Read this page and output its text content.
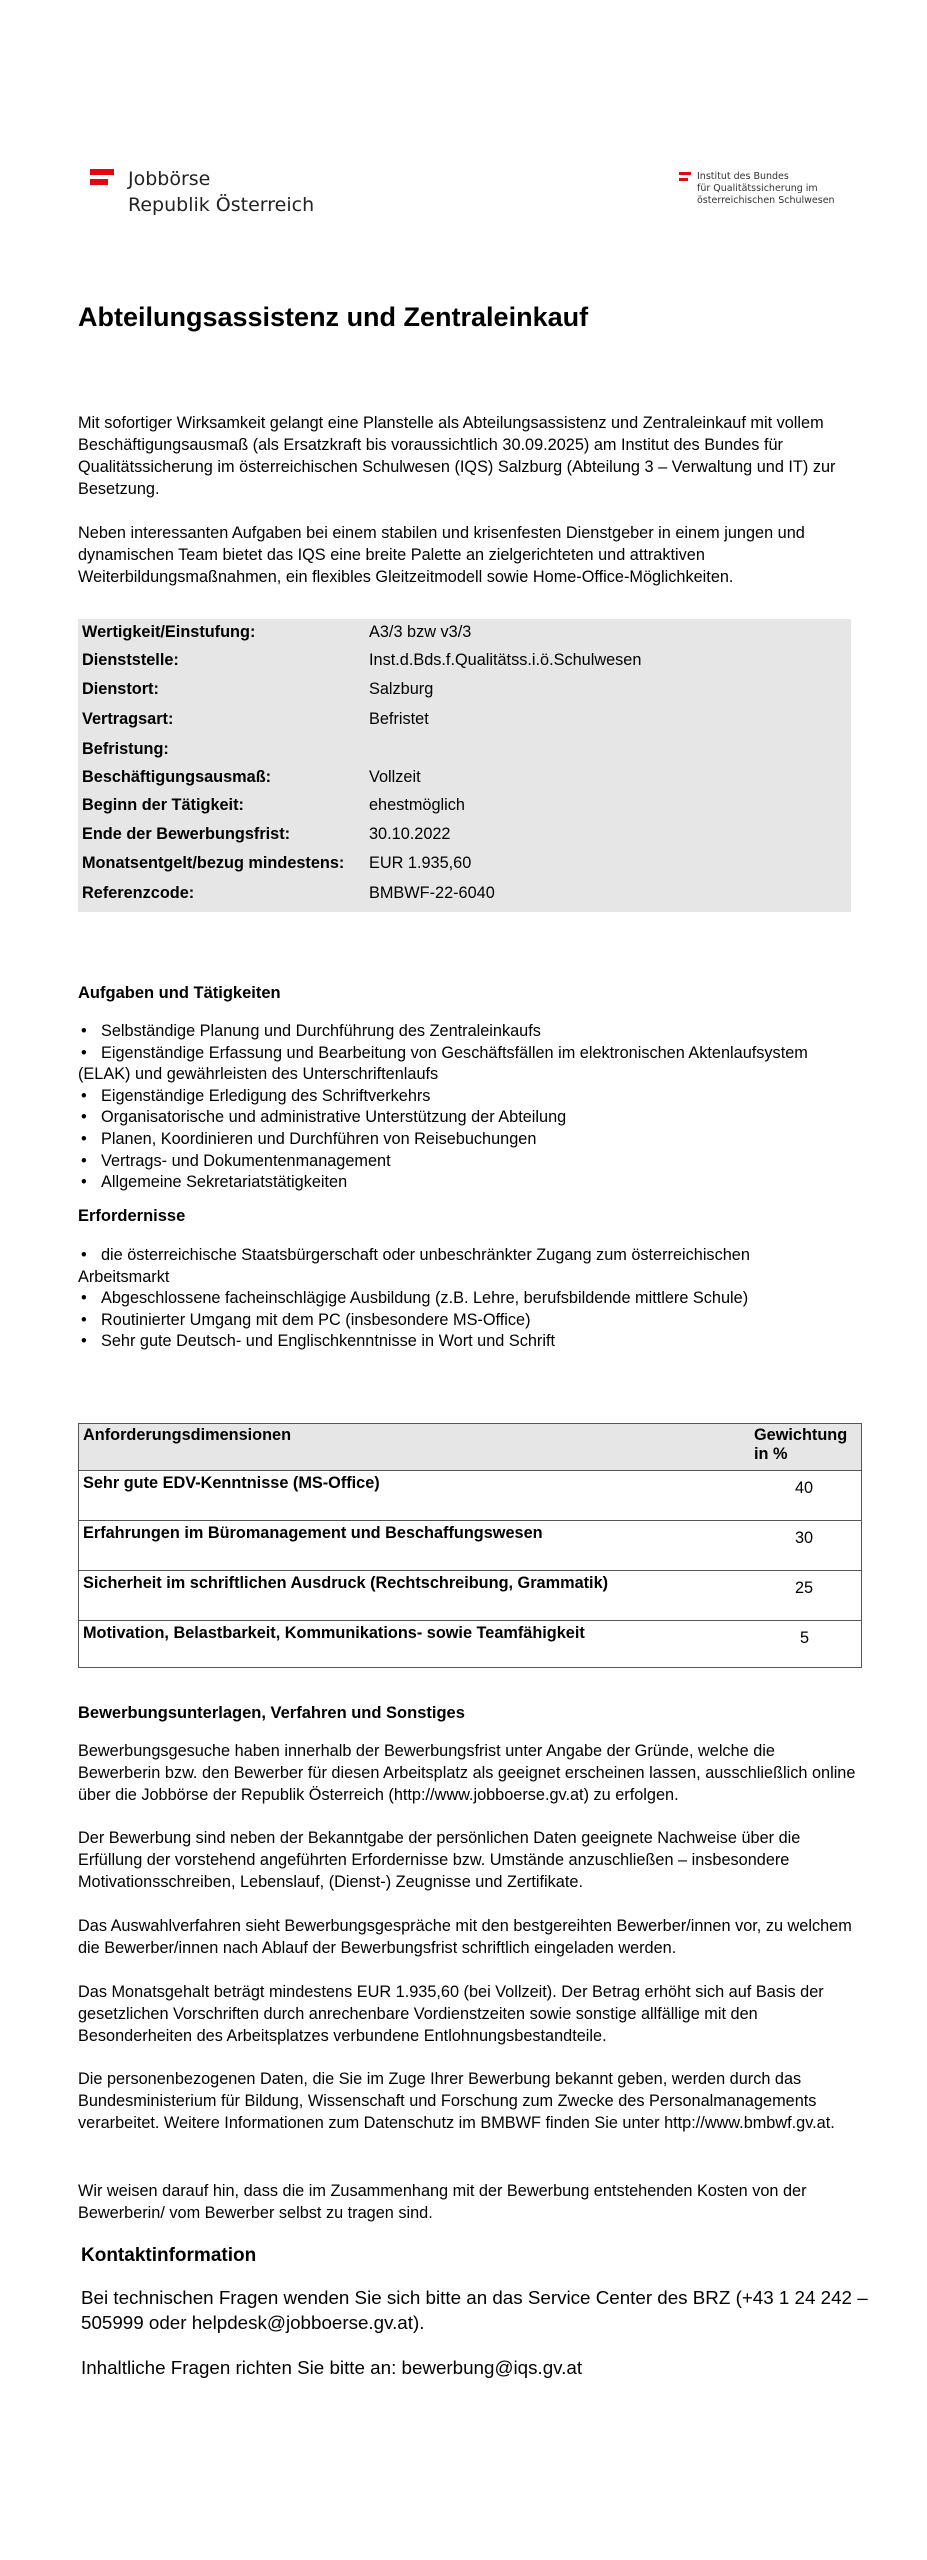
Jobbörse
Republik Österreich
Institut des Bundes
für Qualitätssicherung im
österreichischen Schulwesen
Abteilungsassistenz und Zentraleinkauf

Mit sofortiger Wirksamkeit gelangt eine Planstelle als Abteilungsassistenz und Zentraleinkauf mit vollem Beschäftigungsausmaß (als Ersatzkraft bis voraussichtlich 30.09.2025) am Institut des Bundes für Qualitätssicherung im österreichischen Schulwesen (IQS) Salzburg (Abteilung 3 – Verwaltung und IT) zur Besetzung.

Neben interessanten Aufgaben bei einem stabilen und krisenfesten Dienstgeber in einem jungen und dynamischen Team bietet das IQS eine breite Palette an zielgerichteten und attraktiven Weiterbildungsmaßnahmen, ein flexibles Gleitzeitmodell sowie Home-Office-Möglichkeiten.

Wertigkeit/Einstufung:	A3/3 bzw v3/3
Dienststelle:	Inst.d.Bds.f.Qualitätss.i.ö.Schulwesen
Dienstort:	Salzburg
Vertragsart:	Befristet
Befristung:
Beschäftigungsausmaß:	Vollzeit
Beginn der Tätigkeit:	ehestmöglich
Ende der Bewerbungsfrist:	30.10.2022
Monatsentgelt/bezug mindestens: EUR 1.935,60
Referenzcode:	BMBWF-22-6040
Aufgaben und Tätigkeiten
• Selbständige Planung und Durchführung des Zentraleinkaufs
• Eigenständige Erfassung und Bearbeitung von Geschäftsfällen im elektronischen Aktenlaufsystem
(ELAK) und gewährleisten des Unterschriftenlaufs
• Eigenständige Erledigung des Schriftverkehrs
• Organisatorische und administrative Unterstützung der Abteilung
• Planen, Koordinieren und Durchführen von Reisebuchungen
• Vertrags- und Dokumentenmanagement
• Allgemeine Sekretariatstätigkeiten
Erfordernisse
• die österreichische Staatsbürgerschaft oder unbeschränkter Zugang zum österreichischen
Arbeitsmarkt
• Abgeschlossene facheinschlägige Ausbildung (z.B. Lehre, berufsbildende mittlere Schule)
• Routinierter Umgang mit dem PC (insbesondere MS-Office)
• Sehr gute Deutsch- und Englischkenntnisse in Wort und Schrift
Anforderungsdimensionen	Gewichtung
in %
Sehr gute EDV-Kenntnisse (MS-Office)	40
Erfahrungen im Büromanagement und Beschaffungswesen	30
Sicherheit im schriftlichen Ausdruck (Rechtschreibung, Grammatik)	25
Motivation, Belastbarkeit, Kommunikations- sowie Teamfähigkeit	5
Bewerbungsunterlagen, Verfahren und Sonstiges

Bewerbungsgesuche haben innerhalb der Bewerbungsfrist unter Angabe der Gründe, welche die Bewerberin bzw. den Bewerber für diesen Arbeitsplatz als geeignet erscheinen lassen, ausschließlich online über die Jobbörse der Republik Österreich (http://www.jobboerse.gv.at) zu erfolgen.

Der Bewerbung sind neben der Bekanntgabe der persönlichen Daten geeignete Nachweise über die Erfüllung der vorstehend angeführten Erfordernisse bzw. Umstände anzuschließen – insbesondere Motivationsschreiben, Lebenslauf, (Dienst-) Zeugnisse und Zertifikate.

Das Auswahlverfahren sieht Bewerbungsgespräche mit den bestgereihten Bewerber/innen vor, zu welchem die Bewerber/innen nach Ablauf der Bewerbungsfrist schriftlich eingeladen werden.

Das Monatsgehalt beträgt mindestens EUR 1.935,60 (bei Vollzeit). Der Betrag erhöht sich auf Basis der gesetzlichen Vorschriften durch anrechenbare Vordienstzeiten sowie sonstige allfällige mit den Besonderheiten des Arbeitsplatzes verbundene Entlohnungsbestandteile.

Die personenbezogenen Daten, die Sie im Zuge Ihrer Bewerbung bekannt geben, werden durch das Bundesministerium für Bildung, Wissenschaft und Forschung zum Zwecke des Personalmanagements verarbeitet. Weitere Informationen zum Datenschutz im BMBWF finden Sie unter http://www.bmbwf.gv.at.

Wir weisen darauf hin, dass die im Zusammenhang mit der Bewerbung entstehenden Kosten von der Bewerberin/ vom Bewerber selbst zu tragen sind.

Kontaktinformation

Bei technischen Fragen wenden Sie sich bitte an das Service Center des BRZ (+43 1 24 242 – 505999 oder helpdesk@jobboerse.gv.at).

Inhaltliche Fragen richten Sie bitte an: bewerbung@iqs.gv.at
